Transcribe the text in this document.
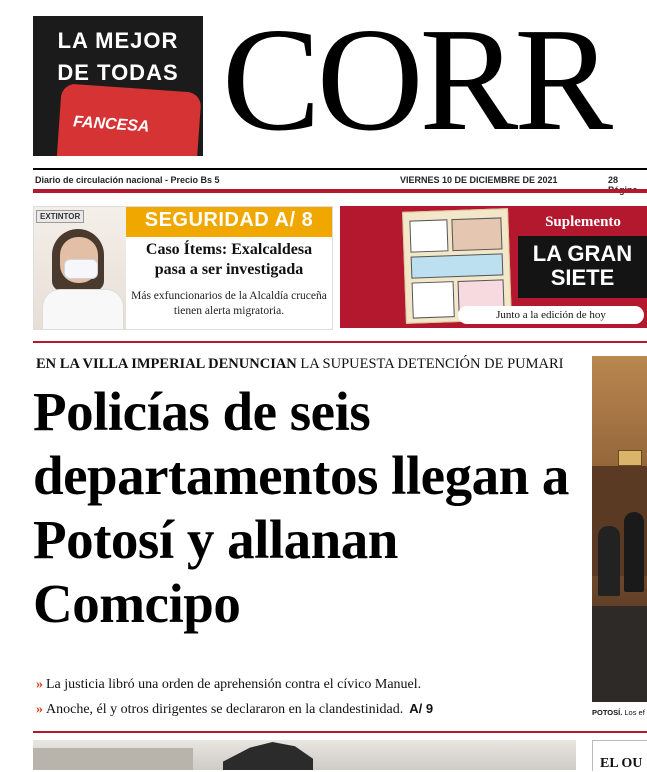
FANCESA
LA MEJOR
DE TODAS CORR
Diario de circulación nacional - Precio Bs 5	VIERNES 10 DE DICIEMBRE DE 2021	28
EXTINTOR	SEGURIDAD A/ 8
Caso Ítems: Exalcaldesa pasa a ser investigada
Más exfuncionarios de la Alcaldía cruceña tienen alerta migratoria.
Suplemento
LA GRAN
SIETE
Junto a la edición de hoy
EN LA VILLA IMPERIAL DENUNCIAN LA SUPUESTA DETENCIÓN DE PUMARI
Policías de seis departamentos llegan a Potosí y allanan Comcipo
» La justicia libró una orden de aprehensión contra el cívico Manuel.
» Anoche, él y otros dirigentes se declararon en la clandestinidad. A/ 9	POTOSÍ. Los ef
EL OU
